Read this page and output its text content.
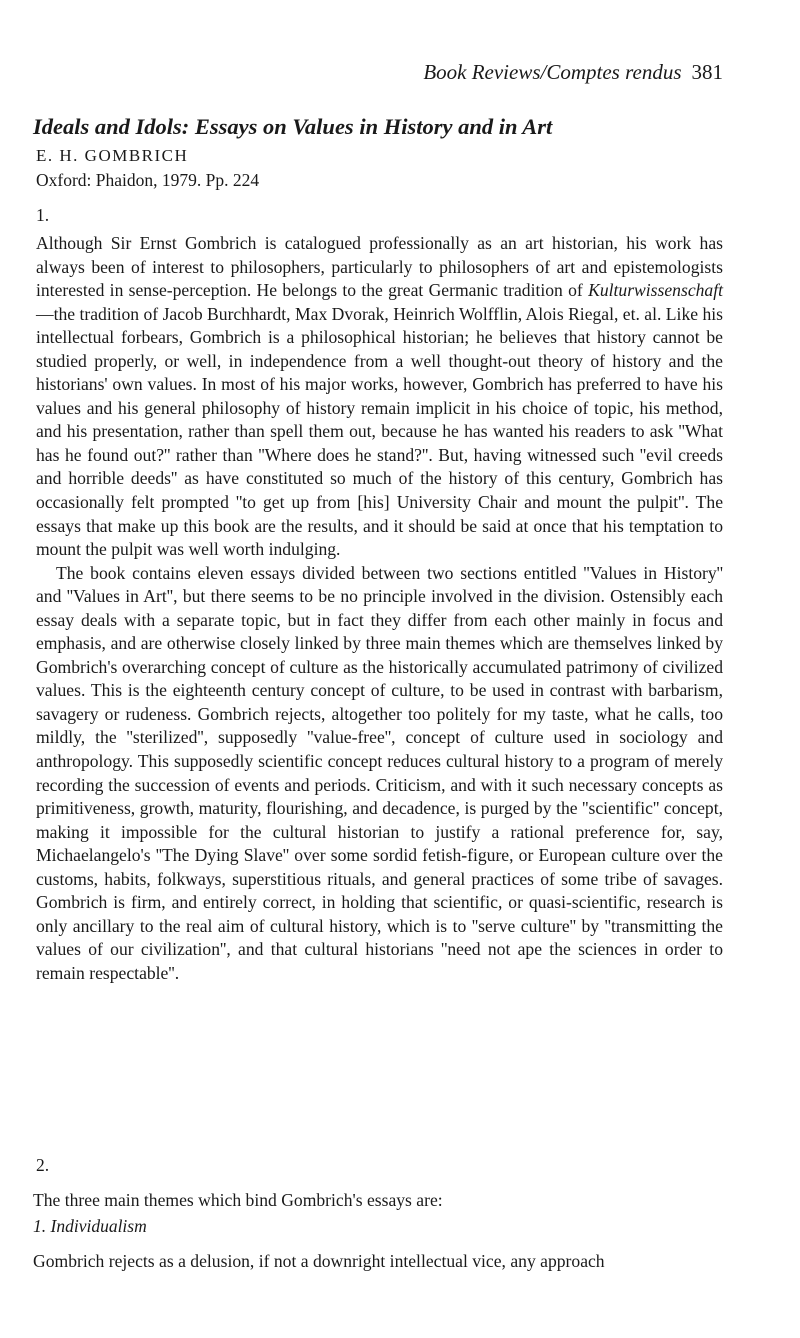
Book Reviews/Comptes rendus 381
Ideals and Idols: Essays on Values in History and in Art
E. H. GOMBRICH
Oxford: Phaidon, 1979. Pp. 224
1.

Although Sir Ernst Gombrich is catalogued professionally as an art historian, his work has always been of interest to philosophers, particularly to philosophers of art and epistemologists interested in sense-perception. He belongs to the great Germanic tradition of Kulturwissenschaft—the tradition of Jacob Burchhardt, Max Dvorak, Heinrich Wolfflin, Alois Riegal, et. al. Like his intellectual forbears, Gombrich is a philosophical historian; he believes that history cannot be studied properly, or well, in independence from a well thought-out theory of history and the historians' own values. In most of his major works, however, Gombrich has preferred to have his values and his general philosophy of history remain implicit in his choice of topic, his method, and his presentation, rather than spell them out, because he has wanted his readers to ask ''What has he found out?'' rather than ''Where does he stand?''. But, having witnessed such ''evil creeds and horrible deeds'' as have constituted so much of the history of this century, Gombrich has occasionally felt prompted ''to get up from [his] University Chair and mount the pulpit''. The essays that make up this book are the results, and it should be said at once that his temptation to mount the pulpit was well worth indulging.

The book contains eleven essays divided between two sections entitled ''Values in History'' and ''Values in Art'', but there seems to be no principle involved in the division. Ostensibly each essay deals with a separate topic, but in fact they differ from each other mainly in focus and emphasis, and are otherwise closely linked by three main themes which are themselves linked by Gombrich's overarching concept of culture as the historically accumulated patrimony of civilized values. This is the eighteenth century concept of culture, to be used in contrast with barbarism, savagery or rudeness. Gombrich rejects, altogether too politely for my taste, what he calls, too mildly, the ''sterilized'', supposedly ''value-free'', concept of culture used in sociology and anthropology. This supposedly scientific concept reduces cultural history to a program of merely recording the succession of events and periods. Criticism, and with it such necessary concepts as primitiveness, growth, maturity, flourishing, and decadence, is purged by the ''scientific'' concept, making it impossible for the cultural historian to justify a rational preference for, say, Michaelangelo's ''The Dying Slave'' over some sordid fetish-figure, or European culture over the customs, habits, folkways, superstitious rituals, and general practices of some tribe of savages. Gombrich is firm, and entirely correct, in holding that scientific, or quasi-scientific, research is only ancillary to the real aim of cultural history, which is to ''serve culture'' by ''transmitting the values of our civilization'', and that cultural historians ''need not ape the sciences in order to remain respectable''.

2.
The three main themes which bind Gombrich's essays are:
1. Individualism
Gombrich rejects as a delusion, if not a downright intellectual vice, any approach
